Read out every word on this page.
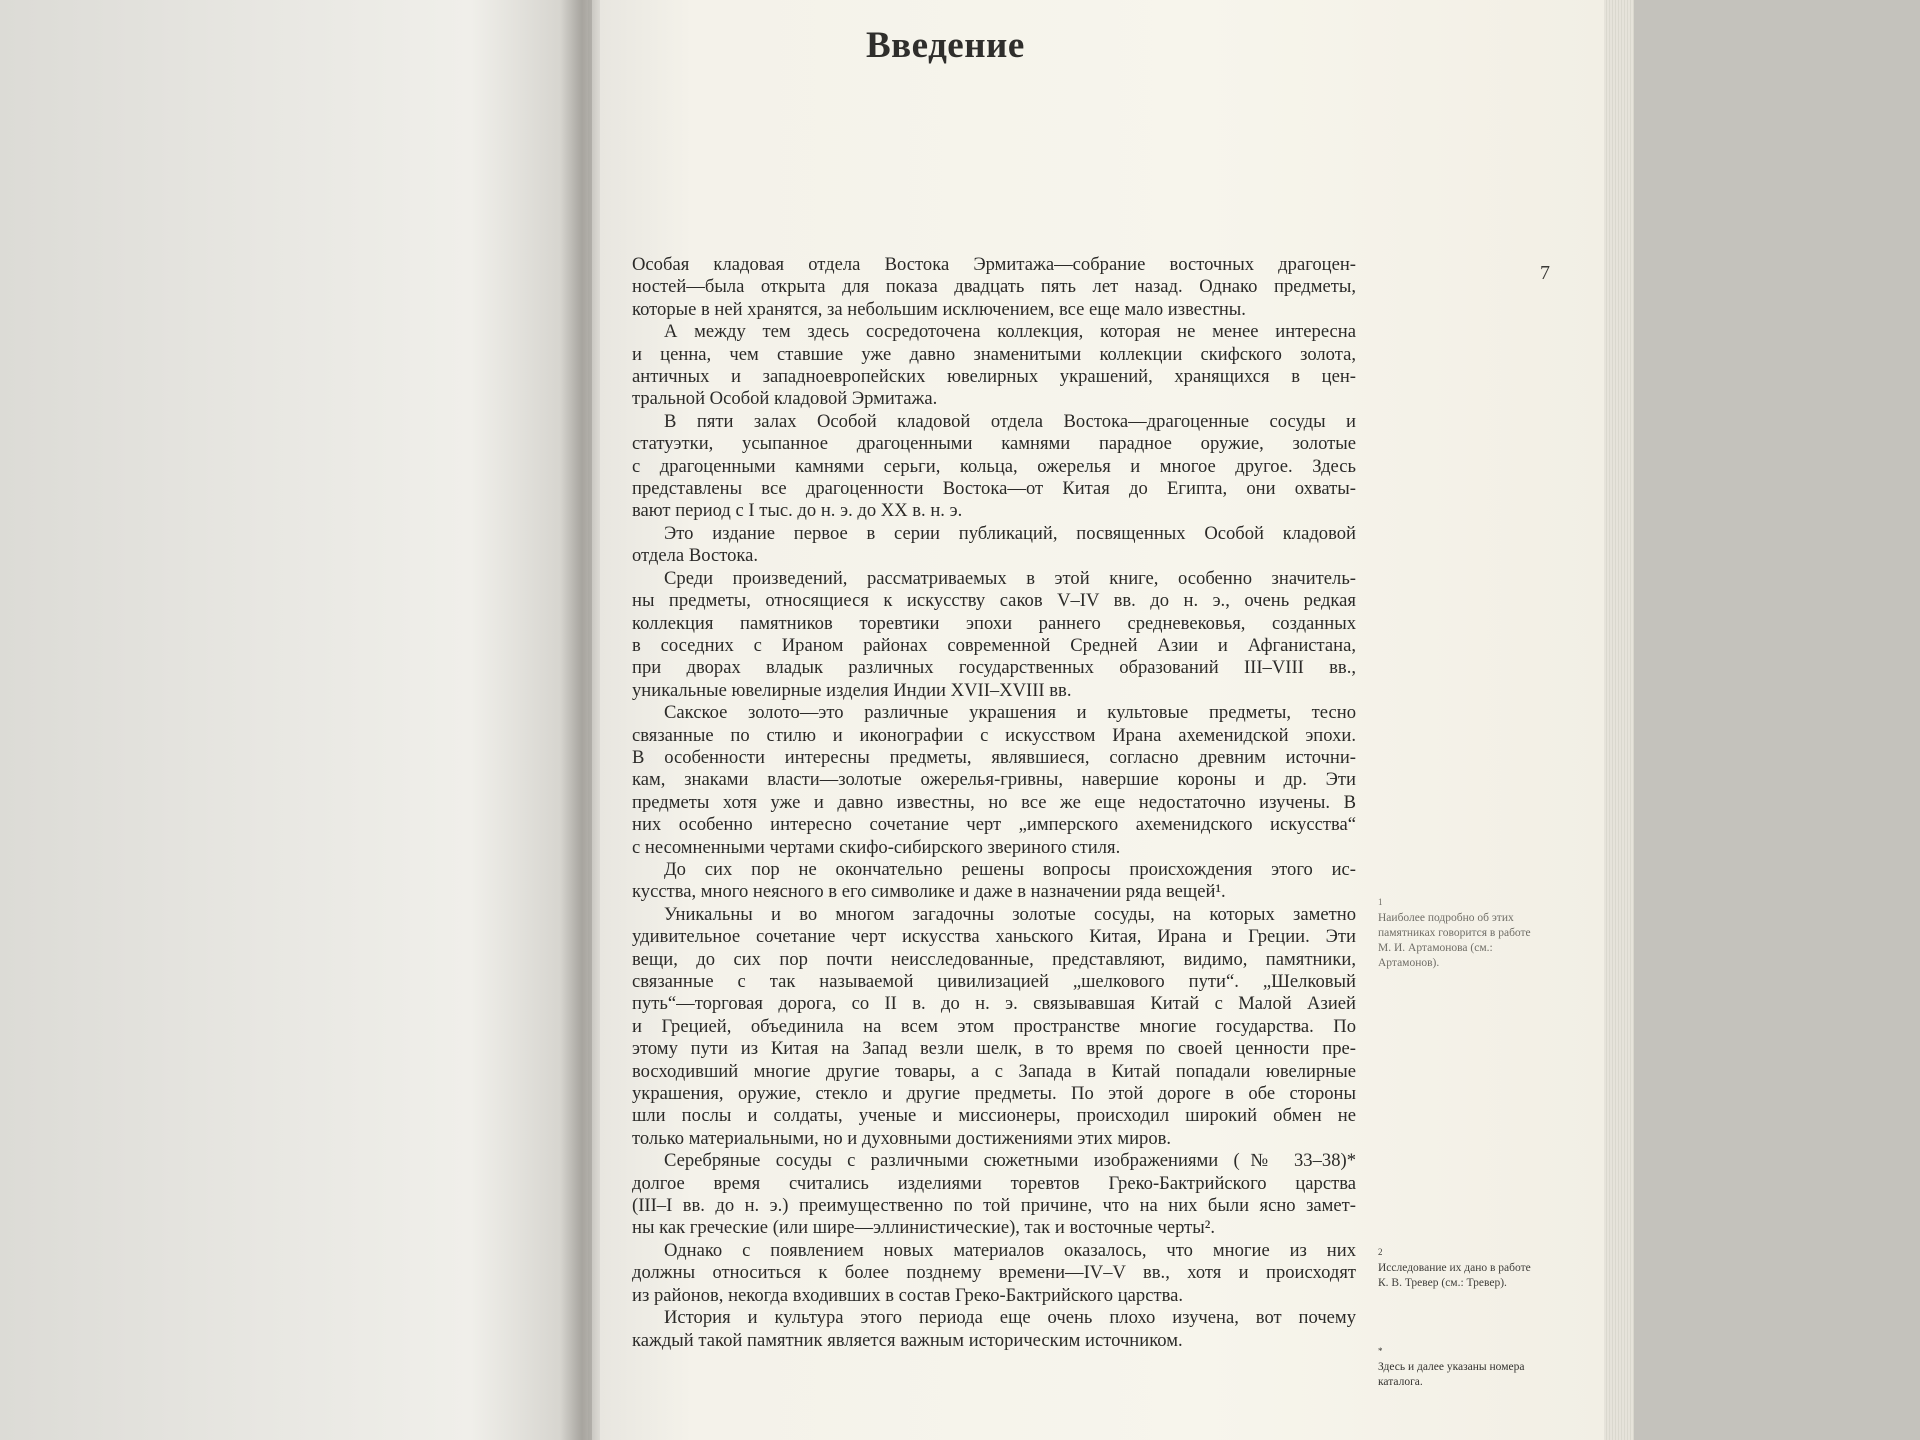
Введение
7
Особая кладовая отдела Востока Эрмитажа—собрание восточных драгоцен-
ностей—была открыта для показа двадцать пять лет назад. Однако предметы,
которые в ней хранятся, за небольшим исключением, все еще мало известны.
А между тем здесь сосредоточена коллекция, которая не менее интересна
и ценна, чем ставшие уже давно знаменитыми коллекции скифского золота,
античных и западноевропейских ювелирных украшений, хранящихся в цен-
тральной Особой кладовой Эрмитажа.
В пяти залах Особой кладовой отдела Востока—драгоценные сосуды и
статуэтки, усыпанное драгоценными камнями парадное оружие, золотые
с драгоценными камнями серьги, кольца, ожерелья и многое другое. Здесь
представлены все драгоценности Востока—от Китая до Египта, они охваты-
вают период с I тыс. до н. э. до XX в. н. э.
Это издание первое в серии публикаций, посвященных Особой кладовой
отдела Востока.
Среди произведений, рассматриваемых в этой книге, особенно значитель-
ны предметы, относящиеся к искусству саков V–IV вв. до н. э., очень редкая
коллекция памятников торевтики эпохи раннего средневековья, созданных
в соседних с Ираном районах современной Средней Азии и Афганистана,
при дворах владык различных государственных образований III–VIII вв.,
уникальные ювелирные изделия Индии XVII–XVIII вв.
Сакское золото—это различные украшения и культовые предметы, тесно
связанные по стилю и иконографии с искусством Ирана ахеменидской эпохи.
В особенности интересны предметы, являвшиеся, согласно древним источни-
кам, знаками власти—золотые ожерелья-гривны, навершие короны и др. Эти
предметы хотя уже и давно известны, но все же еще недостаточно изучены. В
них особенно интересно сочетание черт „имперского ахеменидского искусства“
с несомненными чертами скифо-сибирского звериного стиля.
До сих пор не окончательно решены вопросы происхождения этого ис-
кусства, много неясного в его символике и даже в назначении ряда вещей¹.
Уникальны и во многом загадочны золотые сосуды, на которых заметно
удивительное сочетание черт искусства ханьского Китая, Ирана и Греции. Эти
вещи, до сих пор почти неисследованные, представляют, видимо, памятники,
связанные с так называемой цивилизацией „шелкового пути“. „Шелковый
путь“—торговая дорога, со II в. до н. э. связывавшая Китай с Малой Азией
и Грецией, объединила на всем этом пространстве многие государства. По
этому пути из Китая на Запад везли шелк, в то время по своей ценности пре-
восходивший многие другие товары, а с Запада в Китай попадали ювелирные
украшения, оружие, стекло и другие предметы. По этой дороге в обе стороны
шли послы и солдаты, ученые и миссионеры, происходил широкий обмен не
только материальными, но и духовными достижениями этих миров.
Серебряные сосуды с различными сюжетными изображениями (№ 33–38)*
долгое время считались изделиями торевтов Греко-Бактрийского царства
(III–I вв. до н. э.) преимущественно по той причине, что на них были ясно замет-
ны как греческие (или шире—эллинистические), так и восточные черты².
Однако с появлением новых материалов оказалось, что многие из них
должны относиться к более позднему времени—IV–V вв., хотя и происходят
из районов, некогда входивших в состав Греко-Бактрийского царства.
История и культура этого периода еще очень плохо изучена, вот почему
каждый такой памятник является важным историческим источником.
1
Наиболее подробно об этих памятниках говорится в работе М. И. Артамонова (см.: Артамонов).
2
Исследование их дано в работе К. В. Тревер (см.: Тревер).
*
Здесь и далее указаны номера каталога.
